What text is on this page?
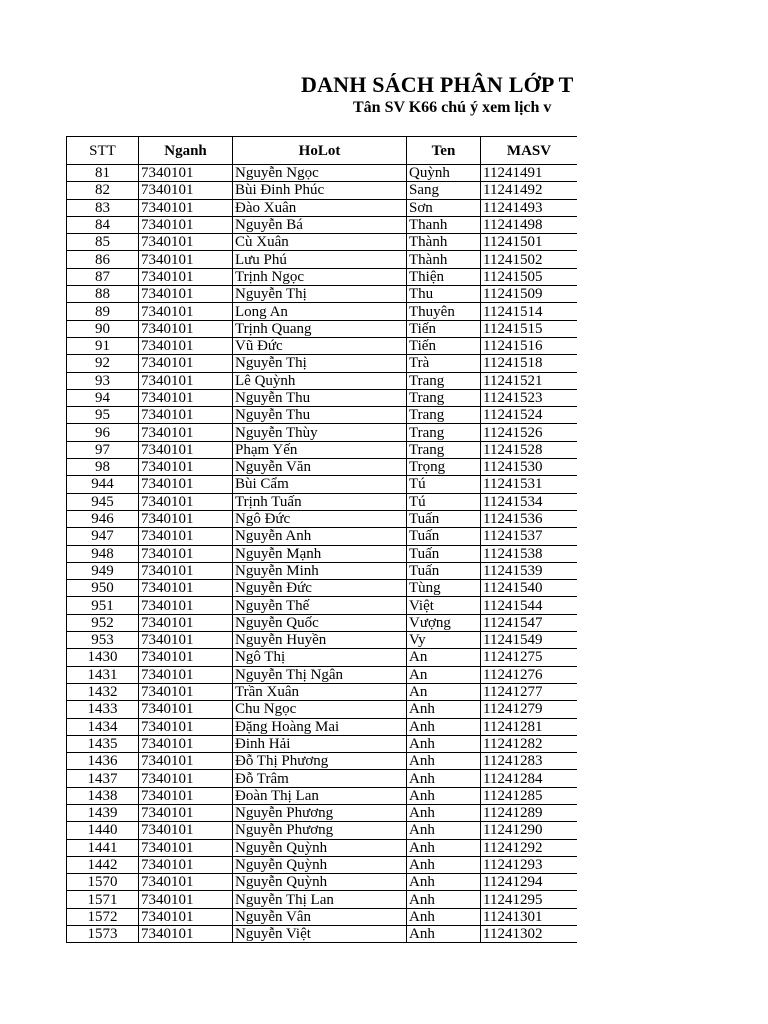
DANH SÁCH PHÂN LỚP T
Tân SV K66 chú ý xem lịch v
STT	Nganh	HoLot	Ten	MASV
81	7340101	Nguyễn Ngọc	Quỳnh	11241491
82	7340101	Bùi Đinh Phúc	Sang	11241492
83	7340101	Đào Xuân	Sơn	11241493
84	7340101	Nguyễn Bá	Thanh	11241498
85	7340101	Cù Xuân	Thành	11241501
86	7340101	Lưu Phú	Thành	11241502
87	7340101	Trịnh Ngọc	Thiện	11241505
88	7340101	Nguyễn Thị	Thu	11241509
89	7340101	Long An	Thuyên	11241514
90	7340101	Trịnh Quang	Tiến	11241515
91	7340101	Vũ Đức	Tiến	11241516
92	7340101	Nguyễn Thị	Trà	11241518
93	7340101	Lê Quỳnh	Trang	11241521
94	7340101	Nguyễn Thu	Trang	11241523
95	7340101	Nguyễn Thu	Trang	11241524
96	7340101	Nguyễn Thùy	Trang	11241526
97	7340101	Phạm Yến	Trang	11241528
98	7340101	Nguyễn Văn	Trọng	11241530
944	7340101	Bùi Cẩm	Tú	11241531
945	7340101	Trịnh Tuấn	Tú	11241534
946	7340101	Ngô Đức	Tuấn	11241536
947	7340101	Nguyễn Anh	Tuấn	11241537
948	7340101	Nguyễn Mạnh	Tuấn	11241538
949	7340101	Nguyễn Minh	Tuấn	11241539
950	7340101	Nguyễn Đức	Tùng	11241540
951	7340101	Nguyễn Thế	Việt	11241544
952	7340101	Nguyễn Quốc	Vượng	11241547
953	7340101	Nguyễn Huyền	Vy	11241549
1430	7340101	Ngô Thị	An	11241275
1431	7340101	Nguyễn Thị Ngân	An	11241276
1432	7340101	Trần Xuân	An	11241277
1433	7340101	Chu Ngọc	Anh	11241279
1434	7340101	Đặng Hoàng Mai	Anh	11241281
1435	7340101	Đinh Hải	Anh	11241282
1436	7340101	Đỗ Thị Phương	Anh	11241283
1437	7340101	Đỗ Trâm	Anh	11241284
1438	7340101	Đoàn Thị Lan	Anh	11241285
1439	7340101	Nguyễn Phương	Anh	11241289
1440	7340101	Nguyễn Phương	Anh	11241290
1441	7340101	Nguyễn Quỳnh	Anh	11241292
1442	7340101	Nguyễn Quỳnh	Anh	11241293
1570	7340101	Nguyễn Quỳnh	Anh	11241294
1571	7340101	Nguyễn Thị Lan	Anh	11241295
1572	7340101	Nguyễn Vân	Anh	11241301
1573	7340101	Nguyễn Việt	Anh	11241302
